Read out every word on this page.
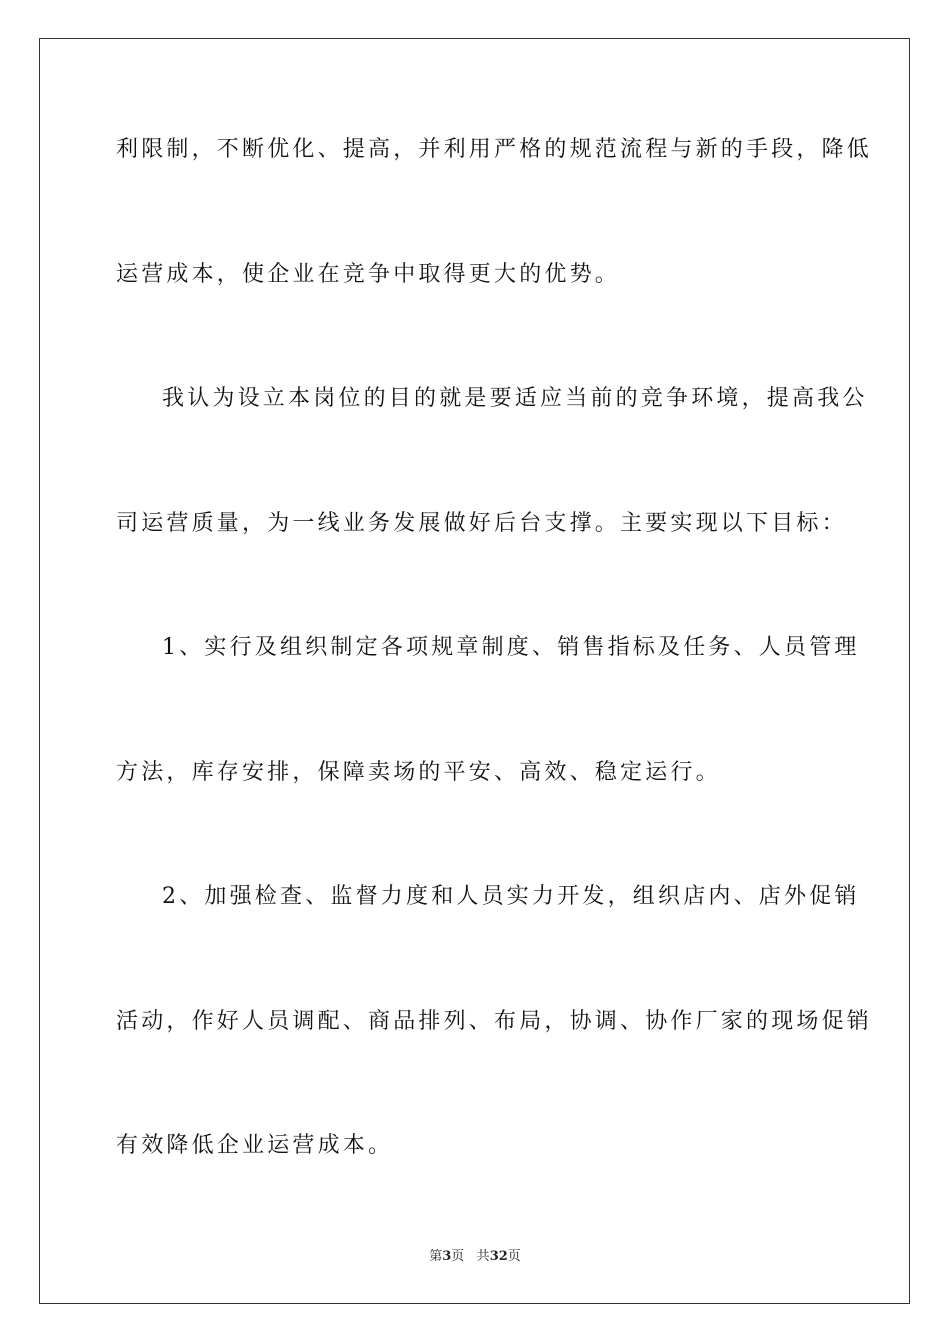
利限制，不断优化、提高，并利用严格的规范流程与新的手段，降低
运营成本，使企业在竞争中取得更大的优势。
我认为设立本岗位的目的就是要适应当前的竞争环境，提高我公
司运营质量，为一线业务发展做好后台支撑。主要实现以下目标：
1、实行及组织制定各项规章制度、销售指标及任务、人员管理
方法，库存安排，保障卖场的平安、高效、稳定运行。
2、加强检查、监督力度和人员实力开发，组织店内、店外促销
活动，作好人员调配、商品排列、布局，协调、协作厂家的现场促销
有效降低企业运营成本。
第3页 共32页
